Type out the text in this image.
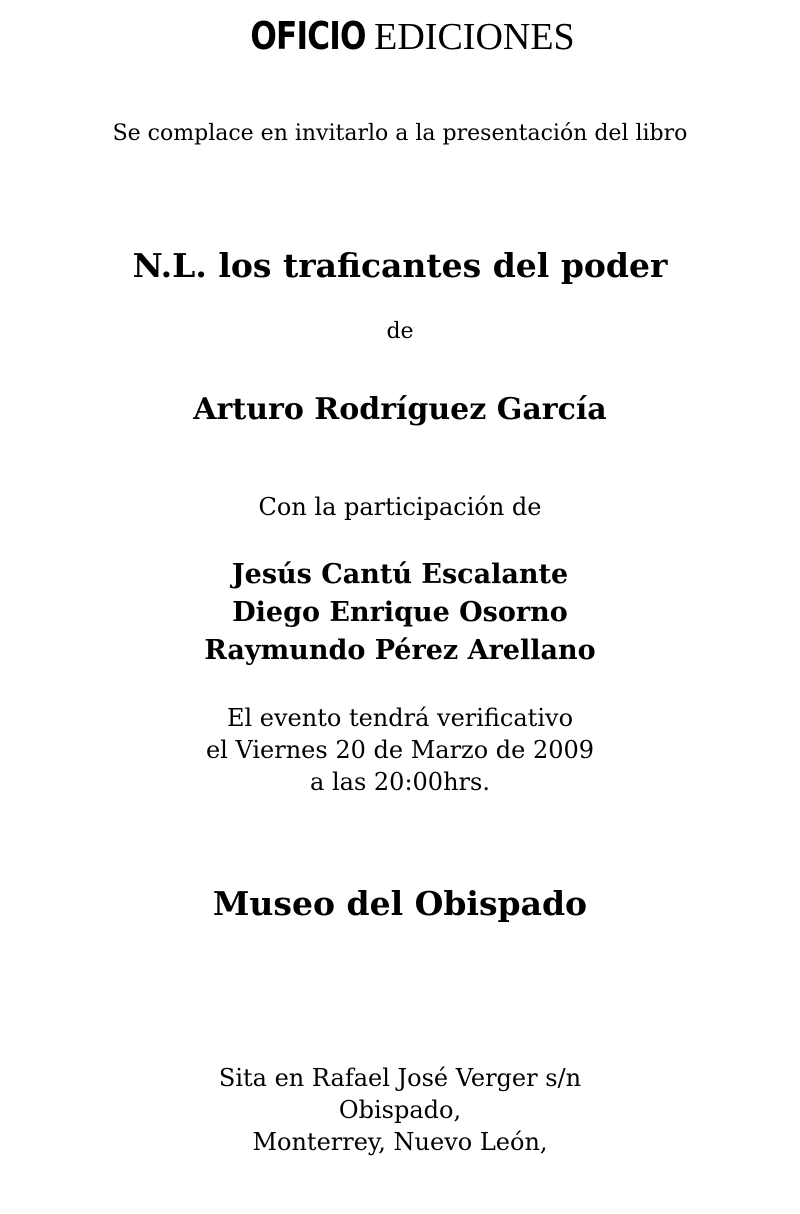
OFICIO EDICIONES
Se complace en invitarlo a la presentación del libro
N.L. los traficantes del poder
de
Arturo Rodríguez García
Con la participación de
Jesús Cantú Escalante
Diego Enrique Osorno
Raymundo Pérez Arellano
El evento tendrá verificativo
el Viernes 20 de Marzo de 2009
a las 20:00hrs.
Museo del Obispado
Sita en Rafael José Verger s/n
Obispado,
Monterrey, Nuevo León,
